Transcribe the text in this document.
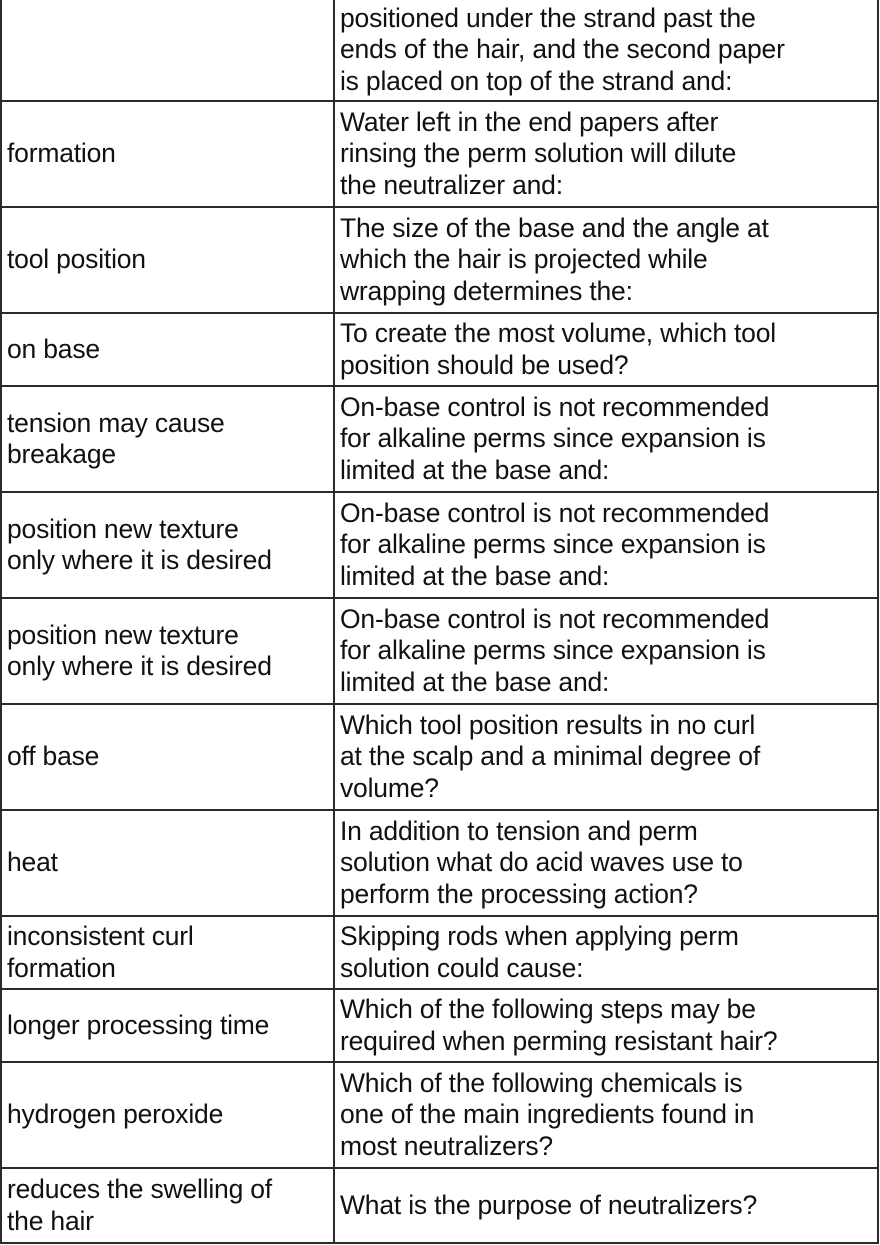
	positioned under the strand past the
ends of the hair, and the second paper
is placed on top of the strand and:
formation	Water left in the end papers after
rinsing the perm solution will dilute
the neutralizer and:
tool position	The size of the base and the angle at
which the hair is projected while
wrapping determines the:
on base	To create the most volume, which tool
position should be used?
tension may cause
breakage	On-base control is not recommended
for alkaline perms since expansion is
limited at the base and:
position new texture
only where it is desired	On-base control is not recommended
for alkaline perms since expansion is
limited at the base and:
position new texture
only where it is desired	On-base control is not recommended
for alkaline perms since expansion is
limited at the base and:
off base	Which tool position results in no curl
at the scalp and a minimal degree of
volume?
heat	In addition to tension and perm
solution what do acid waves use to
perform the processing action?
inconsistent curl
formation	Skipping rods when applying perm
solution could cause:
longer processing time	Which of the following steps may be
required when perming resistant hair?
hydrogen peroxide	Which of the following chemicals is
one of the main ingredients found in
most neutralizers?
reduces the swelling of
the hair	What is the purpose of neutralizers?
